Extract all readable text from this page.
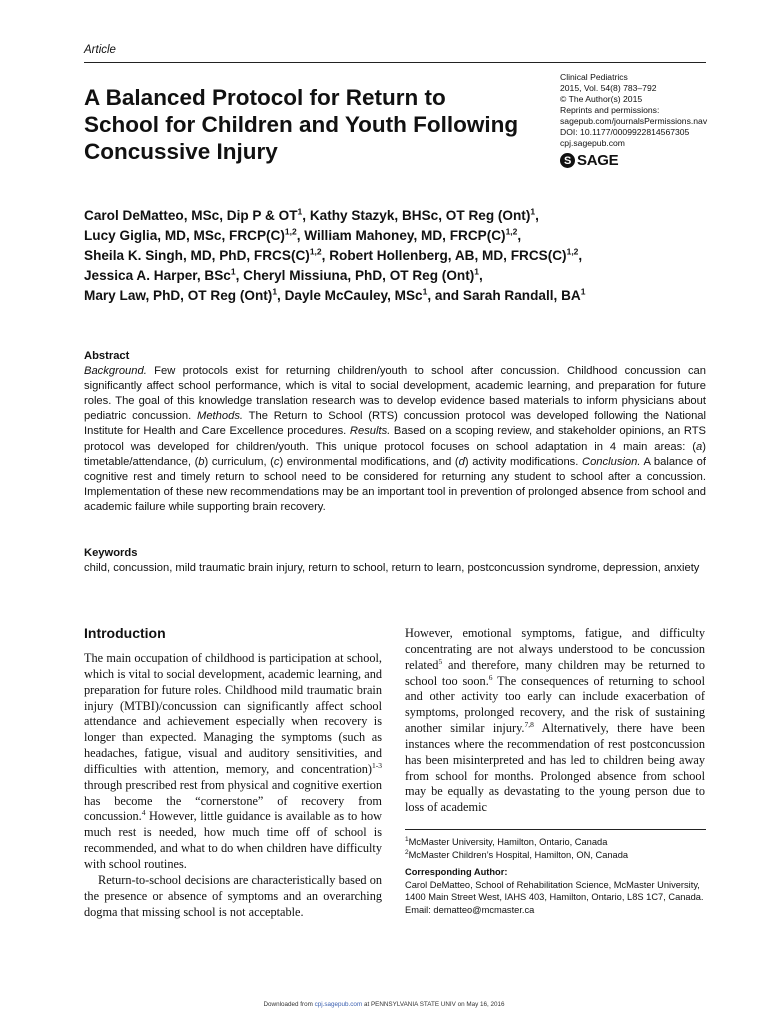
Article
A Balanced Protocol for Return to School for Children and Youth Following Concussive Injury
Clinical Pediatrics
2015, Vol. 54(8) 783–792
© The Author(s) 2015
Reprints and permissions:
sagepub.com/journalsPermissions.nav
DOI: 10.1177/0009922814567305
cpj.sagepub.com
S SAGE
Carol DeMatteo, MSc, Dip P & $OT^1$, Kathy Stazyk, BHSc, OT Reg (Ont)$^1$,
Lucy Giglia, MD, MSc, $FRCP(C)^{1,2}$, William Mahoney, MD, $FRCP(C)^{1,2}$,
Sheila K. Singh, MD, PhD, $FRCS(C)^{1,2}$, Robert Hollenberg, AB, MD, $FRCS(C)^{1,2}$,
Jessica A. Harper, BSc$^1$, Cheryl Missiuna, PhD, OT Reg (Ont)$^1$,
Mary Law, PhD, OT Reg (Ont)$^1$, Dayle McCauley, MSc$^1$, and Sarah Randall, $BA^1$
Abstract

Background. Few protocols exist for returning children/youth to school after concussion. Childhood concussion can significantly affect school performance, which is vital to social development, academic learning, and preparation for future roles. The goal of this knowledge translation research was to develop evidence based materials to inform physicians about pediatric concussion. Methods. The Return to School (RTS) concussion protocol was developed following the National Institute for Health and Care Excellence procedures. Results. Based on a scoping review, and stakeholder opinions, an RTS protocol was developed for children/youth. This unique protocol focuses on school adaptation in 4 main areas: (a) timetable/attendance, (b) curriculum, (c) environmental modifications, and (d) activity modifications. Conclusion. A balance of cognitive rest and timely return to school need to be considered for returning any student to school after a concussion. Implementation of these new recommendations may be an important tool in prevention of prolonged absence from school and academic failure while supporting brain recovery.

Keywords

child, concussion, mild traumatic brain injury, return to school, return to learn, postconcussion syndrome, depression, anxiety

Introduction

The main occupation of childhood is participation at school, which is vital to social development, academic learning, and preparation for future roles. Childhood mild traumatic brain injury (MTBI)/concussion can significantly affect school attendance and achievement especially when recovery is longer than expected. Managing the symptoms (such as headaches, fatigue, visual and auditory sensitivities, and difficulties with attention, memory, and concentration)$^{1-3}$ through prescribed rest from physical and cognitive exertion has become the “cornerstone” of recovery from concussion.$^4$ However, little guidance is available as to how much rest is needed, how much time off of school is recommended, and what to do when children have difficulty with school routines.

Return-to-school decisions are characteristically based on the presence or absence of symptoms and an overarching dogma that missing school is not acceptable.

However, emotional symptoms, fatigue, and difficulty concentrating are not always understood to be concussion related$^5$ and therefore, many children may be returned to school too soon.$^6$ The consequences of returning to school and other activity too early can include exacerbation of symptoms, prolonged recovery, and the risk of sustaining another similar injury.$^{7,8}$ Alternatively, there have been instances where the recommendation of rest postconcussion has been misinterpreted and has led to children being away from school for months. Prolonged absence from school may be equally as devastating to the young person due to loss of academic

$^1$McMaster University, Hamilton, Ontario, Canada
$^2$McMaster Children’s Hospital, Hamilton, ON, Canada
Corresponding Author:
Carol DeMatteo, School of Rehabilitation Science, McMaster University, 1400 Main Street West, IAHS 403, Hamilton, Ontario, L8S 1C7, Canada.
Email: dematteo@mcmaster.ca
Downloaded from cpj.sagepub.com at PENNSYLVANIA STATE UNIV on May 16, 2016
